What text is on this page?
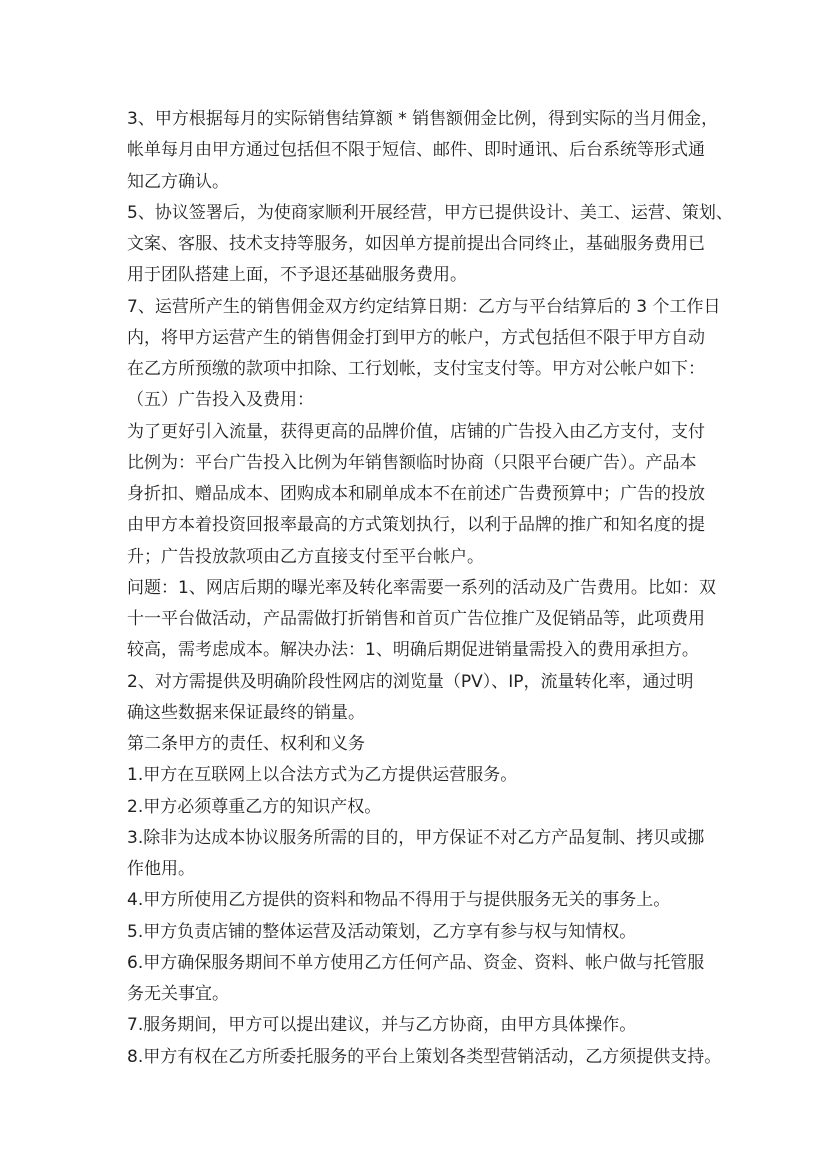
3、甲方根据每月的实际销售结算额 * 销售额佣金比例，得到实际的当月佣金，
帐单每月由甲方通过包括但不限于短信、邮件、即时通讯、后台系统等形式通
知乙方确认。
5、协议签署后，为使商家顺利开展经营，甲方已提供设计、美工、运营、策划、
文案、客服、技术支持等服务，如因单方提前提出合同终止，基础服务费用已
用于团队搭建上面，不予退还基础服务费用。
7、运营所产生的销售佣金双方约定结算日期：乙方与平台结算后的 3 个工作日
内，将甲方运营产生的销售佣金打到甲方的帐户，方式包括但不限于甲方自动
在乙方所预缴的款项中扣除、工行划帐，支付宝支付等。甲方对公帐户如下：
（五）广告投入及费用：
为了更好引入流量，获得更高的品牌价值，店铺的广告投入由乙方支付，支付
比例为：平台广告投入比例为年销售额临时协商（只限平台硬广告）。产品本
身折扣、赠品成本、团购成本和刷单成本不在前述广告费预算中；广告的投放
由甲方本着投资回报率最高的方式策划执行，以利于品牌的推广和知名度的提
升；广告投放款项由乙方直接支付至平台帐户。
问题：1、网店后期的曝光率及转化率需要一系列的活动及广告费用。比如：双
十一平台做活动，产品需做打折销售和首页广告位推广及促销品等，此项费用
较高，需考虑成本。解决办法：1、明确后期促进销量需投入的费用承担方。
2、对方需提供及明确阶段性网店的浏览量（PV）、IP，流量转化率，通过明
确这些数据来保证最终的销量。
第二条甲方的责任、权利和义务
1.甲方在互联网上以合法方式为乙方提供运营服务。
2.甲方必须尊重乙方的知识产权。
3.除非为达成本协议服务所需的目的，甲方保证不对乙方产品复制、拷贝或挪
作他用。
4.甲方所使用乙方提供的资料和物品不得用于与提供服务无关的事务上。
5.甲方负责店铺的整体运营及活动策划，乙方享有参与权与知情权。
6.甲方确保服务期间不单方使用乙方任何产品、资金、资料、帐户做与托管服
务无关事宜。
7.服务期间，甲方可以提出建议，并与乙方协商，由甲方具体操作。
8.甲方有权在乙方所委托服务的平台上策划各类型营销活动，乙方须提供支持。
